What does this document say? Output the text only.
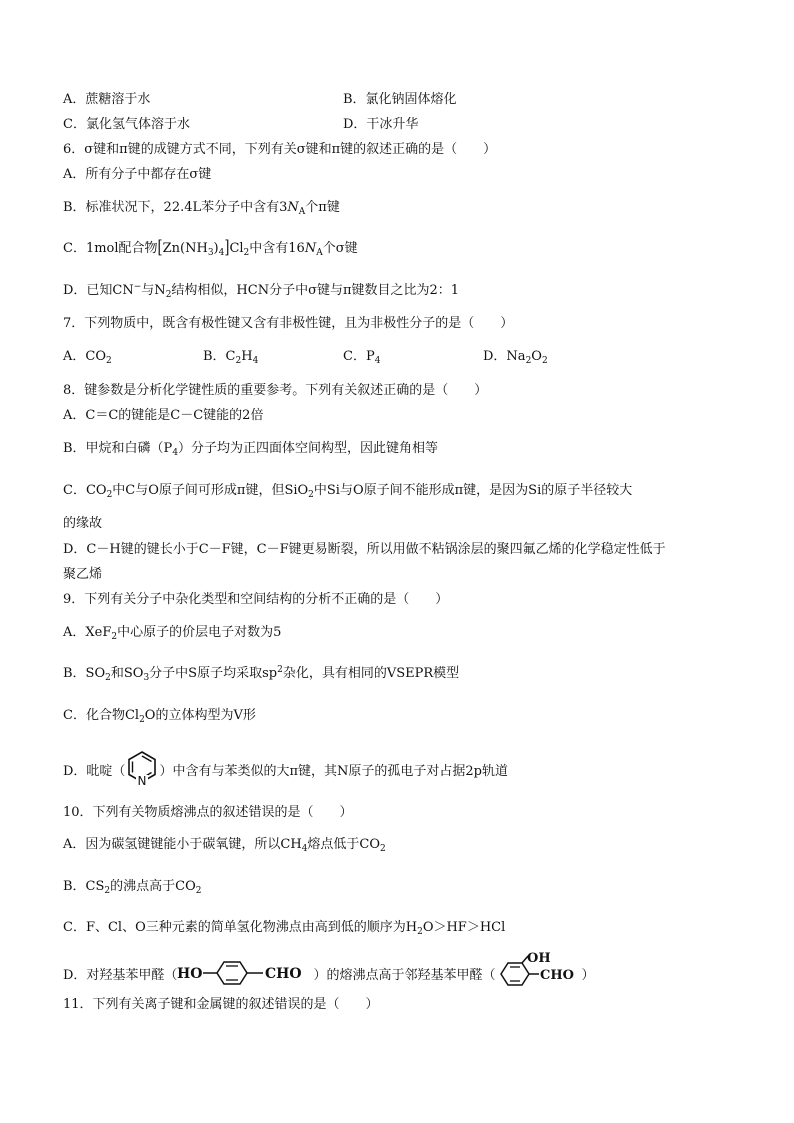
A．蔗糖溶于水	B．氯化钠固体熔化
C．氯化氢气体溶于水	D．干冰升华
6．σ键和π键的成键方式不同，下列有关σ键和π键的叙述正确的是（　　）
A．所有分子中都存在σ键
B．标准状况下，22.4L苯分子中含有$3N_A$个π键
C．1mol配合物$[Zn(NH_3)_4]Cl_2$中含有$16N_A$个σ键
D．已知CN−与$N_2$结构相似，HCN分子中σ键与π键数目之比为2：1
7．下列物质中，既含有极性键又含有非极性键，且为非极性分子的是（　　）
A．$CO_2$	B．$C_2H_4$	C．$P_4$	D．$Na_2O_2$
8．键参数是分析化学键性质的重要参考。下列有关叙述正确的是（　　）
A．C＝C的键能是C－C键能的2倍
B．甲烷和白磷$(P_4)$分子均为正四面体空间构型，因此键角相等
C．$CO_2$中C与O原子间可形成π键，但SiO$_2$中Si与O原子间不能形成π键，是因为Si的原子半径较大
的缘故
D．C－H键的键长小于C－F键，C－F键更易断裂，所以用做不粘锅涂层的聚四氟乙烯的化学稳定性低于
聚乙烯
9．下列有关分子中杂化类型和空间结构的分析不正确的是（　　）
A．XeF$_2$中心原子的价层电子对数为5
B．$SO_2$和$SO_3$分子中S原子均采取$sp^2$杂化，具有相同的VSEPR模型
C．化合物$Cl_2O$的立体构型为V形
D．吡啶（
N
）中含有与苯类似的大π键，其N原子的孤电子对占据2p轨道
10．下列有关物质熔沸点的叙述错误的是（　　）
A．因为碳氢键键能小于碳氧键，所以$CH_4$熔点低于$CO_2$
B．$CS_2$的沸点高于$CO_2$
C．F、Cl、O三种元素的简单氢化物沸点由高到低的顺序为$H_2O>HF>HCl$
D．对羟基苯甲醛（ HO	CHO ）的熔沸点高于邻羟基苯甲醛（
OH
CHO ）
11．下列有关离子键和金属键的叙述错误的是（　　）
